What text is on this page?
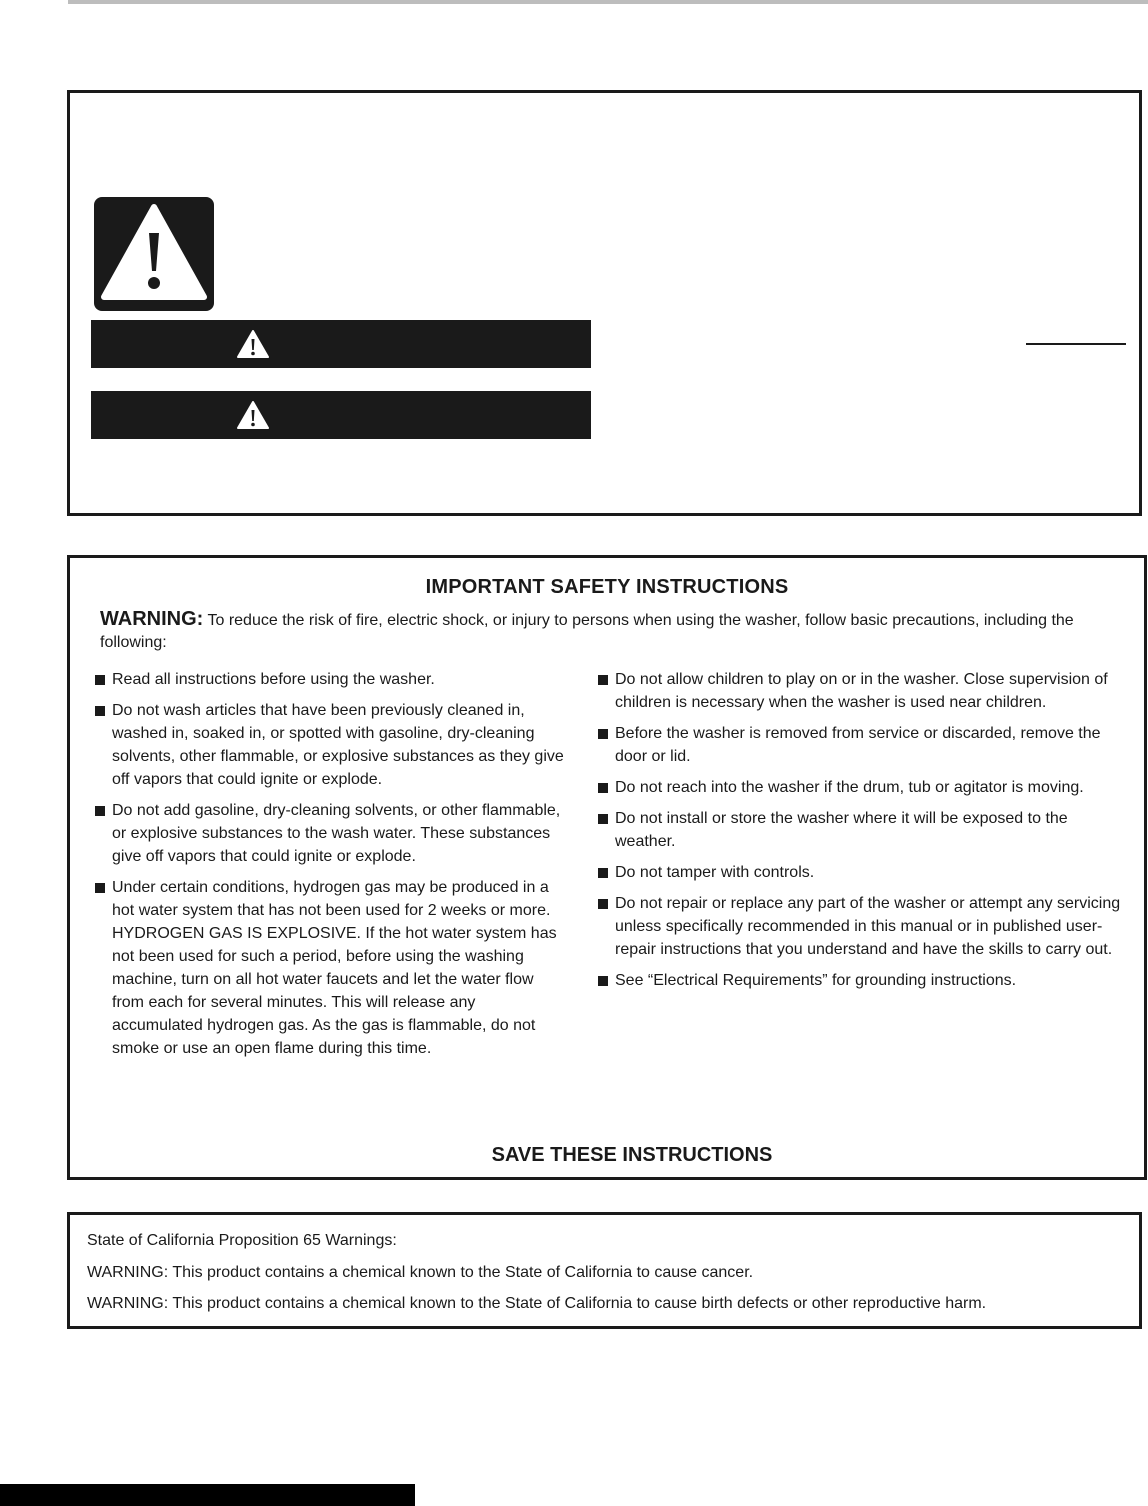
IMPORTANT SAFETY INSTRUCTIONS
WARNING: To reduce the risk of fire, electric shock, or injury to persons when using the washer, follow basic precautions, including the following:
Read all instructions before using the washer.
Do not wash articles that have been previously cleaned in, washed in, soaked in, or spotted with gasoline, dry-cleaning solvents, other flammable, or explosive substances as they give off vapors that could ignite or explode.
Do not add gasoline, dry-cleaning solvents, or other flammable, or explosive substances to the wash water. These substances give off vapors that could ignite or explode.
Under certain conditions, hydrogen gas may be produced in a hot water system that has not been used for 2 weeks or more. HYDROGEN GAS IS EXPLOSIVE. If the hot water system has not been used for such a period, before using the washing machine, turn on all hot water faucets and let the water flow from each for several minutes. This will release any accumulated hydrogen gas. As the gas is flammable, do not smoke or use an open flame during this time.
Do not allow children to play on or in the washer. Close supervision of children is necessary when the washer is used near children.
Before the washer is removed from service or discarded, remove the door or lid.
Do not reach into the washer if the drum, tub or agitator is moving.
Do not install or store the washer where it will be exposed to the weather.
Do not tamper with controls.
Do not repair or replace any part of the washer or attempt any servicing unless specifically recommended in this manual or in published user-repair instructions that you understand and have the skills to carry out.
See “Electrical Requirements” for grounding instructions.
SAVE THESE INSTRUCTIONS
State of California Proposition 65 Warnings:
WARNING: This product contains a chemical known to the State of California to cause cancer.
WARNING: This product contains a chemical known to the State of California to cause birth defects or other reproductive harm.
